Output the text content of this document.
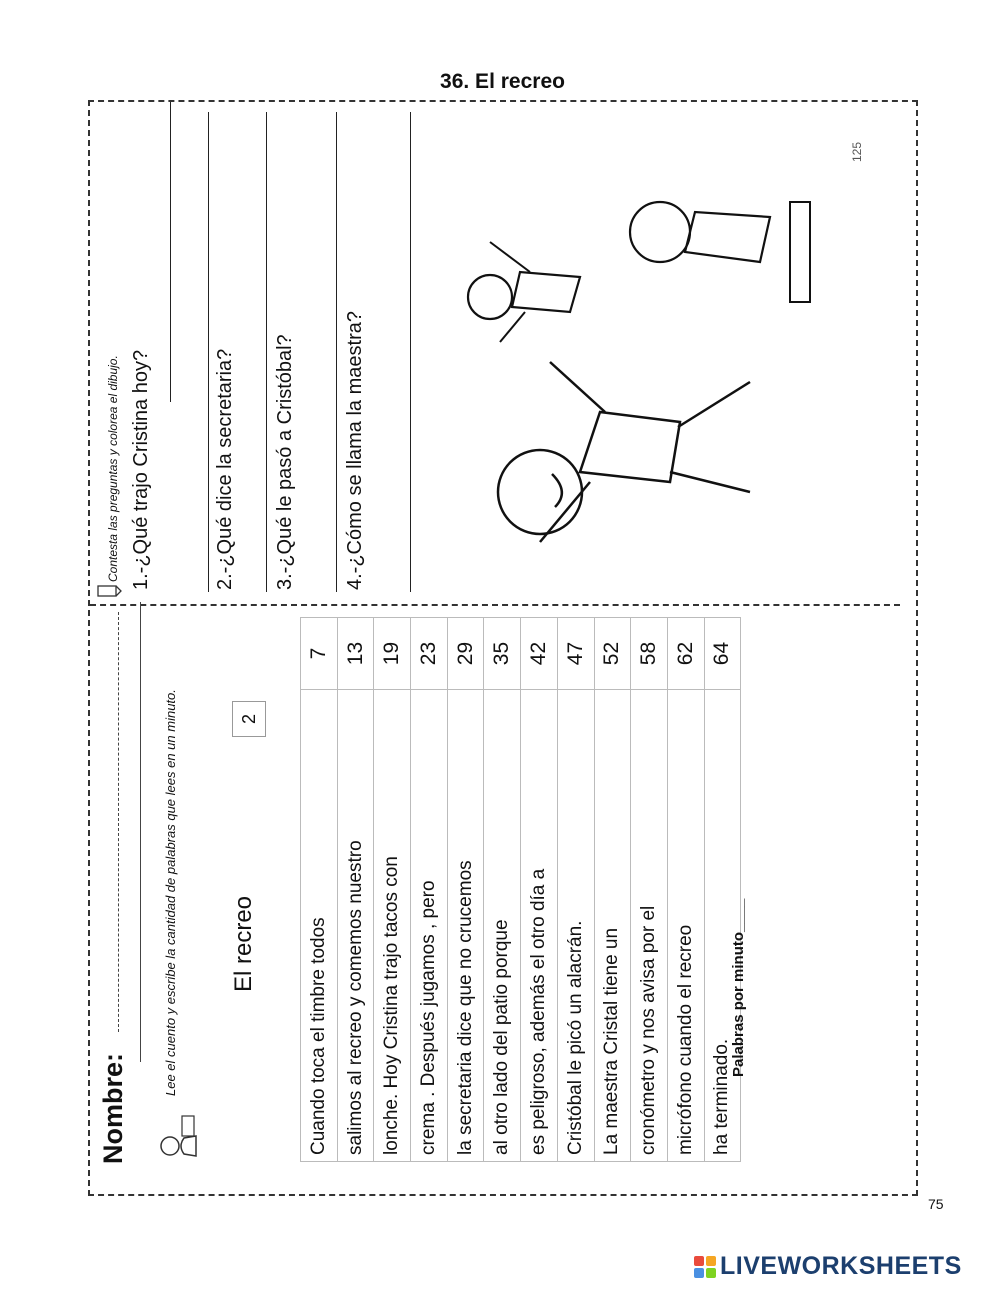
36. El recreo
Nombre:
Lee el cuento y escribe la cantidad de palabras que lees en un minuto. El recreo
2
Cuando toca el timbre todos	7
salimos al recreo y comemos nuestro	13
lonche. Hoy Cristina trajo tacos con	19
crema . Después jugamos , pero	23
la secretaria dice que no crucemos	29
al otro lado del patio porque	35
es peligroso, además el otro día a	42
Cristóbal le picó un alacrán.	47
La maestra Cristal tiene un	52
cronómetro y nos avisa por el	58
micrófono cuando el recreo	62
ha terminado.	64
Palabras por minuto____
Contesta las preguntas y colorea el dibujo. 1.-¿Qué trajo Cristina hoy?	2.-¿Qué dice la secretaria? 3.-¿Qué le pasó a Cristóbal? 4.-¿Cómo se llama la maestra?
125
75
LIVEWORKSHEETS
